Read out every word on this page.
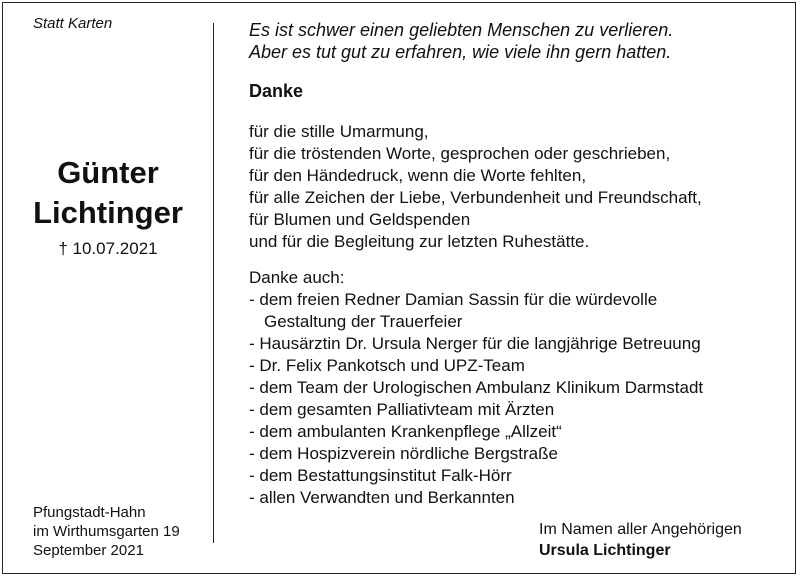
Statt Karten
Günter
Lichtinger
† 10.07.2021
Pfungstadt-Hahn
im Wirthumsgarten 19
September 2021
Es ist schwer einen geliebten Menschen zu verlieren.
Aber es tut gut zu erfahren, wie viele ihn gern hatten.
Danke
für die stille Umarmung,
für die tröstenden Worte, gesprochen oder geschrieben,
für den Händedruck, wenn die Worte fehlten,
für alle Zeichen der Liebe, Verbundenheit und Freundschaft,
für Blumen und Geldspenden
und für die Begleitung zur letzten Ruhestätte.
Danke auch:
- dem freien Redner Damian Sassin für die würdevolle
Gestaltung der Trauerfeier
- Hausärztin Dr. Ursula Nerger für die langjährige Betreuung
- Dr. Felix Pankotsch und UPZ-Team
- dem Team der Urologischen Ambulanz Klinikum Darmstadt
- dem gesamten Palliativteam mit Ärzten
- dem ambulanten Krankenpflege „Allzeit“
- dem Hospizverein nördliche Bergstraße
- dem Bestattungsinstitut Falk-Hörr
- allen Verwandten und Berkannten
Im Namen aller Angehörigen
Ursula Lichtinger
